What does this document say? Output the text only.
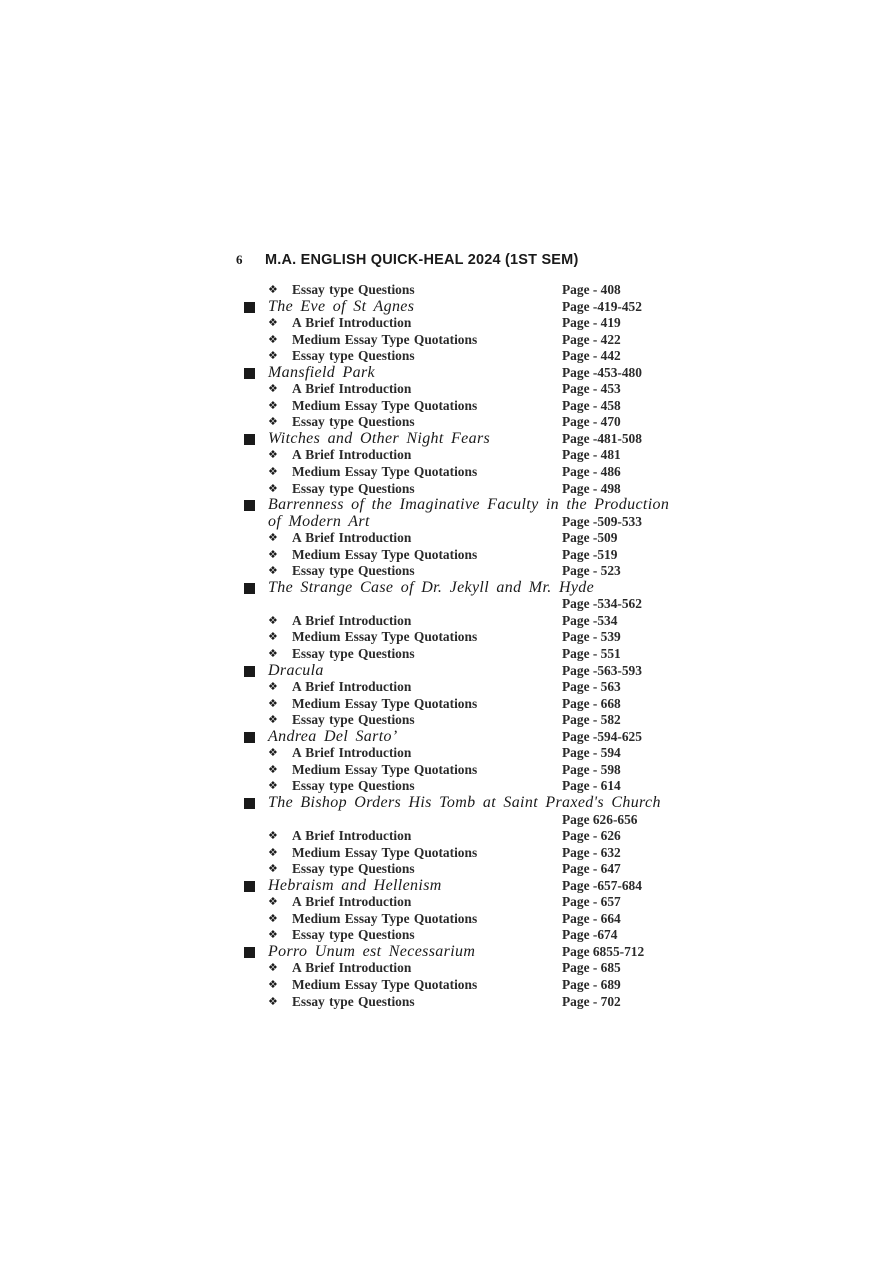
6	M.A. ENGLISH QUICK-HEAL 2024 (1ST SEM)
❖ Essay type Questions	Page - 408
The Eve of St Agnes	Page -419-452
❖ A Brief Introduction	Page - 419
❖ Medium Essay Type Quotations	Page - 422
❖ Essay type Questions	Page - 442
Mansfield Park	Page -453-480
❖ A Brief Introduction	Page - 453
❖ Medium Essay Type Quotations	Page - 458
❖ Essay type Questions	Page - 470
Witches and Other Night Fears	Page -481-508
❖ A Brief Introduction	Page - 481
❖ Medium Essay Type Quotations	Page - 486
❖ Essay type Questions	Page - 498
Barrenness of the Imaginative Faculty in the Production
of Modern Art	Page -509-533
❖ A Brief Introduction	Page -509
❖ Medium Essay Type Quotations	Page -519
❖ Essay type Questions	Page - 523
The Strange Case of Dr. Jekyll and Mr. Hyde
Page -534-562
❖ A Brief Introduction	Page -534
❖ Medium Essay Type Quotations	Page - 539
❖ Essay type Questions	Page - 551
Dracula	Page -563-593
❖ A Brief Introduction	Page - 563
❖ Medium Essay Type Quotations	Page - 668
❖ Essay type Questions	Page - 582
Andrea Del Sarto’	Page -594-625
❖ A Brief Introduction	Page - 594
❖ Medium Essay Type Quotations	Page - 598
❖ Essay type Questions	Page - 614
The Bishop Orders His Tomb at Saint Praxed's Church
Page 626-656
❖ A Brief Introduction	Page - 626
❖ Medium Essay Type Quotations	Page - 632
❖ Essay type Questions	Page - 647
Hebraism and Hellenism	Page -657-684
❖ A Brief Introduction	Page - 657
❖ Medium Essay Type Quotations	Page - 664
❖ Essay type Questions	Page -674
Porro Unum est Necessarium	Page 6855-712
❖ A Brief Introduction	Page - 685
❖ Medium Essay Type Quotations	Page - 689
❖ Essay type Questions	Page - 702
